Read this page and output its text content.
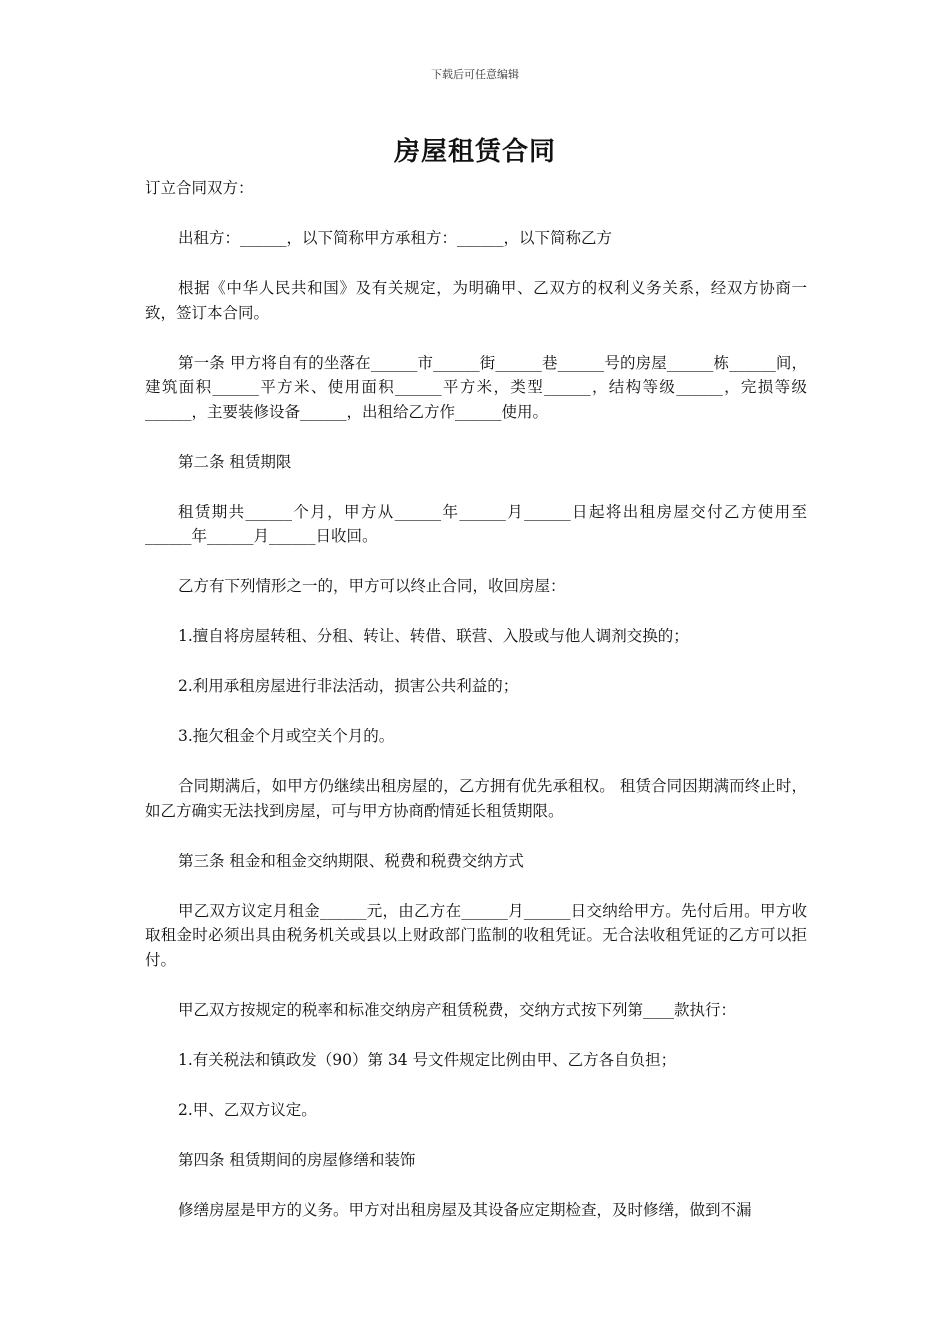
下载后可任意编辑
房屋租赁合同

订立合同双方：

出租方：______，以下简称甲方承租方：______，以下简称乙方

根据《中华人民共和国》及有关规定，为明确甲、乙双方的权利义务关系，经双方协商一致，签订本合同。

第一条 甲方将自有的坐落在______市______街______巷______号的房屋______栋______间，建筑面积______平方米、使用面积______平方米，类型______，结构等级______，完损等级______，主要装修设备______，出租给乙方作______使用。

第二条 租赁期限

租赁期共______个月，甲方从______年______月______日起将出租房屋交付乙方使用至______年______月______日收回。

乙方有下列情形之一的，甲方可以终止合同，收回房屋：

1.擅自将房屋转租、分租、转让、转借、联营、入股或与他人调剂交换的；

2.利用承租房屋进行非法活动，损害公共利益的；

3.拖欠租金个月或空关个月的。

合同期满后，如甲方仍继续出租房屋的，乙方拥有优先承租权。 租赁合同因期满而终止时，如乙方确实无法找到房屋，可与甲方协商酌情延长租赁期限。

第三条 租金和租金交纳期限、税费和税费交纳方式

甲乙双方议定月租金______元，由乙方在______月______日交纳给甲方。先付后用。甲方收取租金时必须出具由税务机关或县以上财政部门监制的收租凭证。无合法收租凭证的乙方可以拒付。

甲乙双方按规定的税率和标准交纳房产租赁税费，交纳方式按下列第____款执行：

1.有关税法和镇政发（90）第 34 号文件规定比例由甲、乙方各自负担；

2.甲、乙双方议定。

第四条 租赁期间的房屋修缮和装饰

修缮房屋是甲方的义务。甲方对出租房屋及其设备应定期检查，及时修缮，做到不漏
